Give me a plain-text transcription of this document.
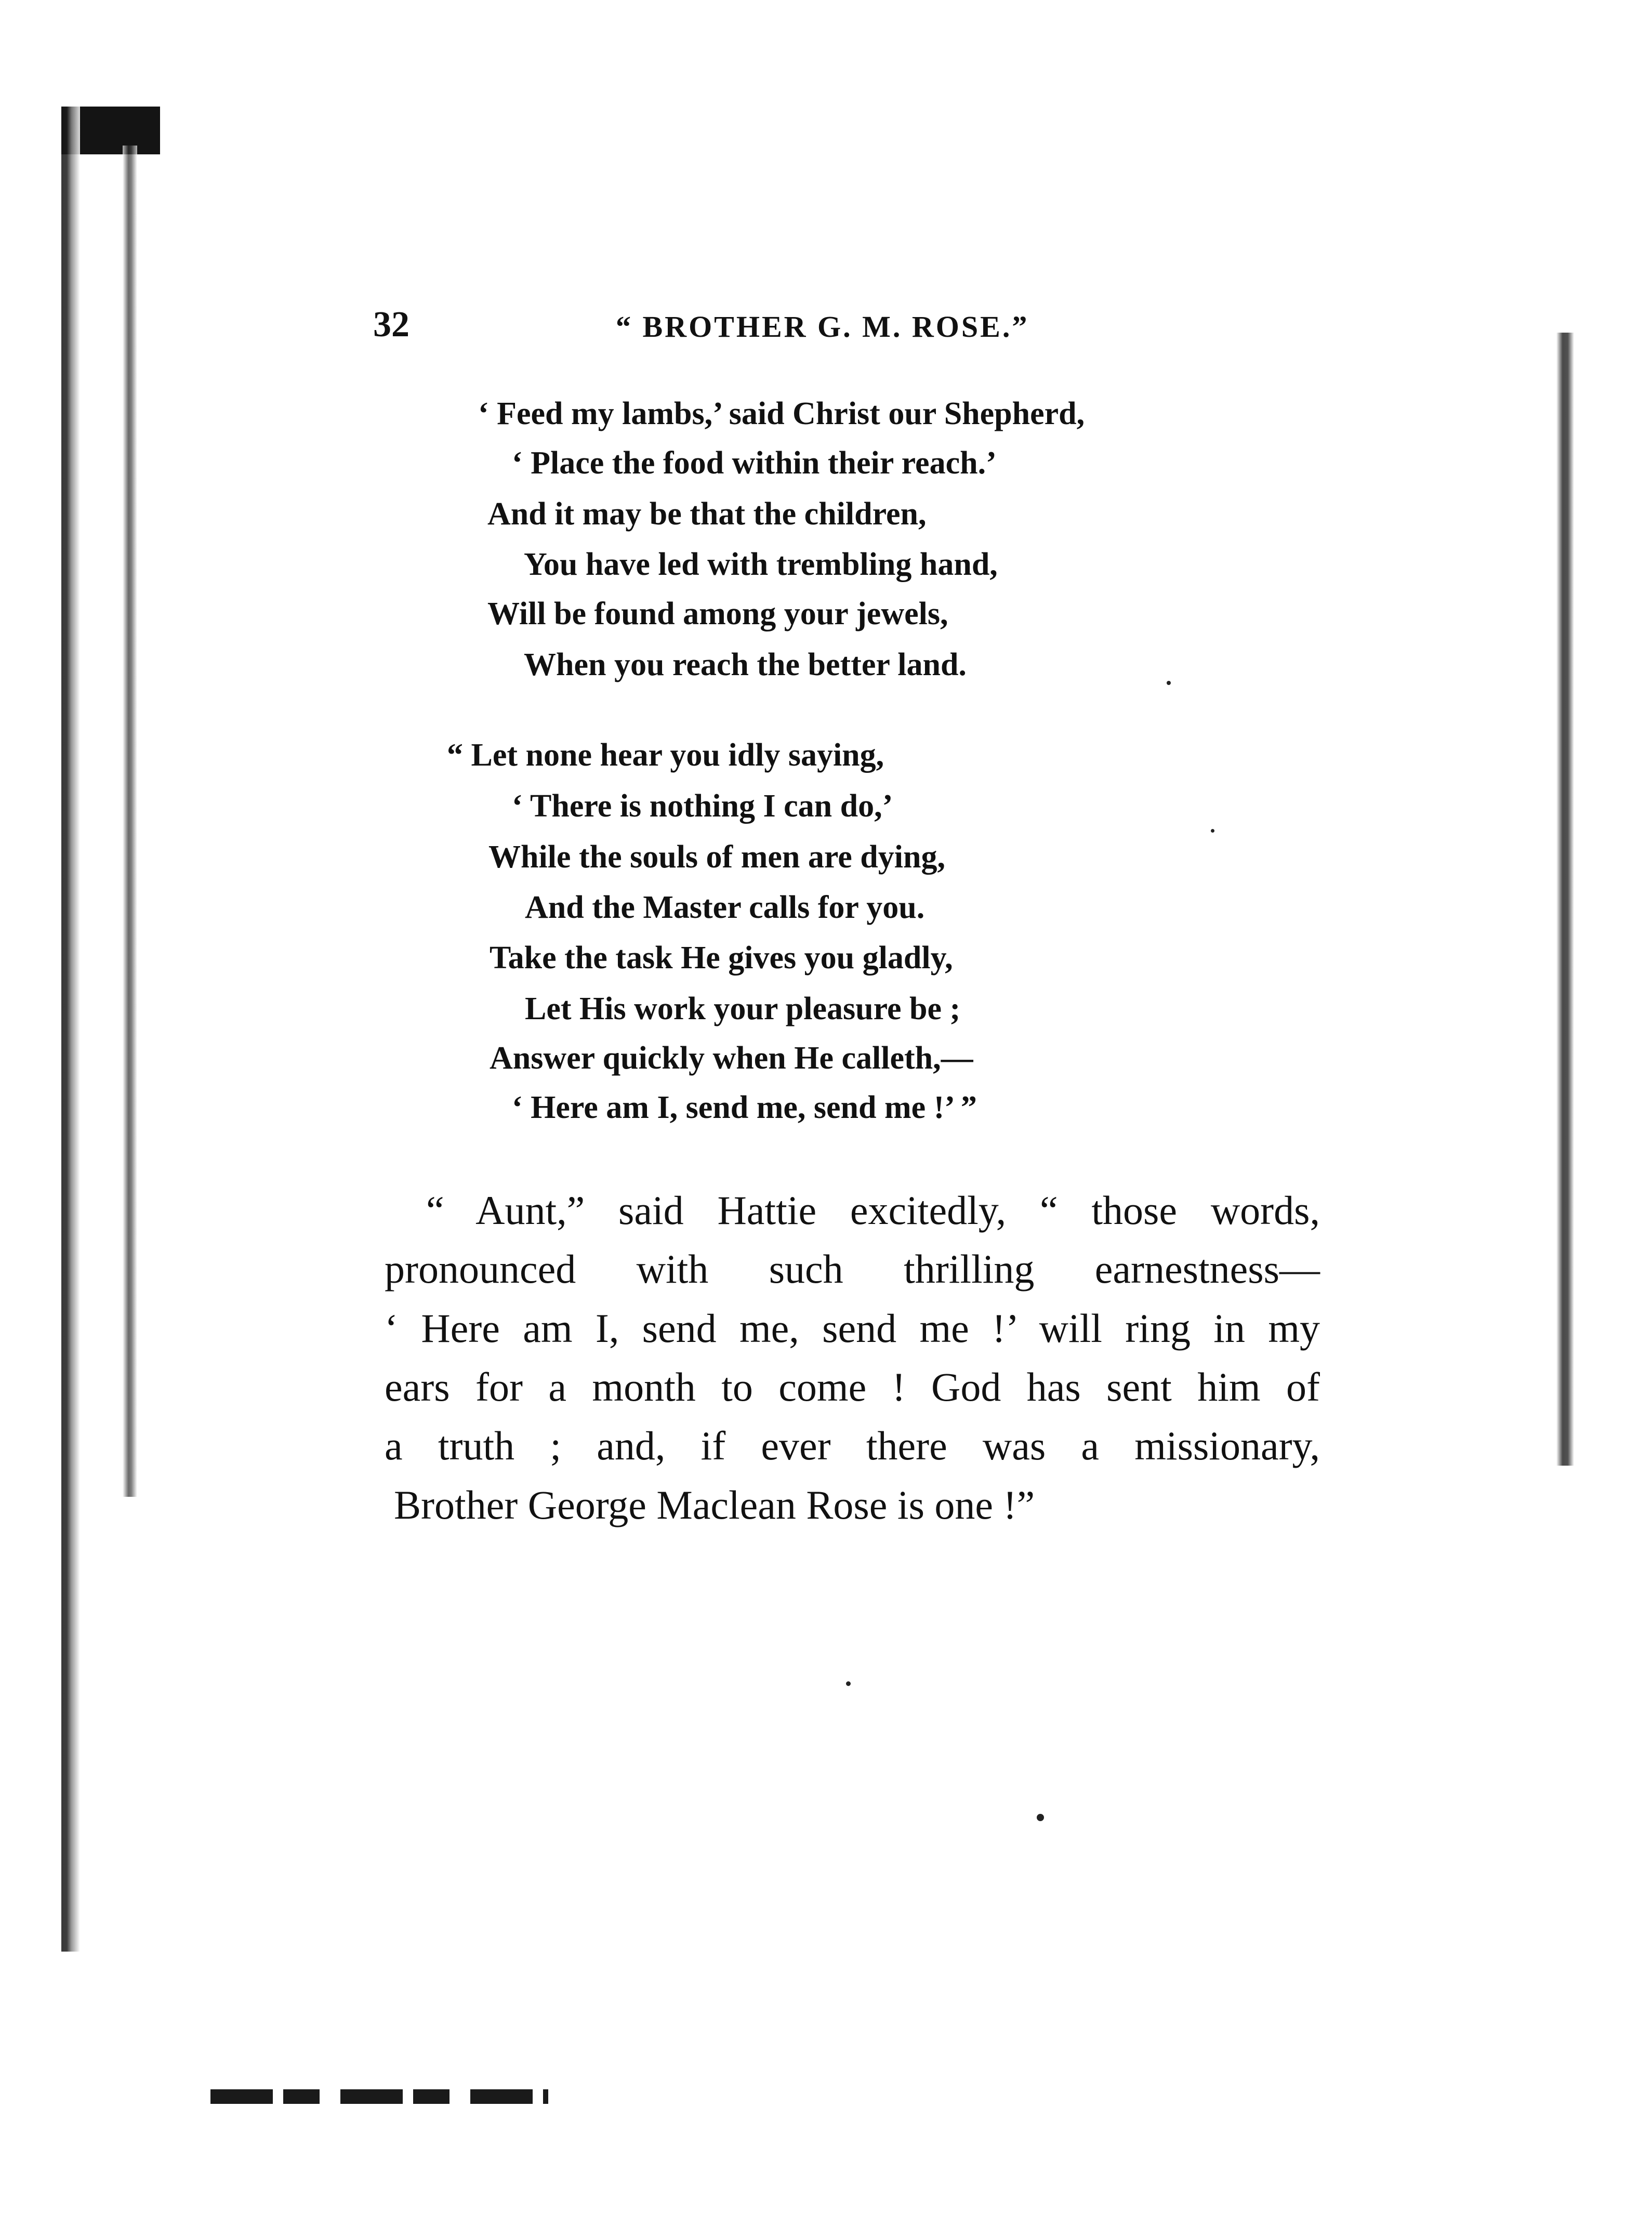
32	“ BROTHER G. M. ROSE.”
‘ Feed my lambs,’ said Christ our Shepherd,
‘ Place the food within their reach.’
And it may be that the children,
You have led with trembling hand,
Will be found among your jewels,
When you reach the better land.
“ Let none hear you idly saying,
‘ There is nothing I can do,’
While the souls of men are dying,
And the Master calls for you.
Take the task He gives you gladly,
Let His work your pleasure be ;
Answer quickly when He calleth,—
‘ Here am I, send me, send me !’ ”
“ Aunt,” said Hattie excitedly, “ those words,
pronounced with such thrilling earnestness—
‘ Here am I, send me, send me !’ will ring in my
ears for a month to come ! God has sent him of
a truth ; and, if ever there was a missionary,
Brother George Maclean Rose is one !”
